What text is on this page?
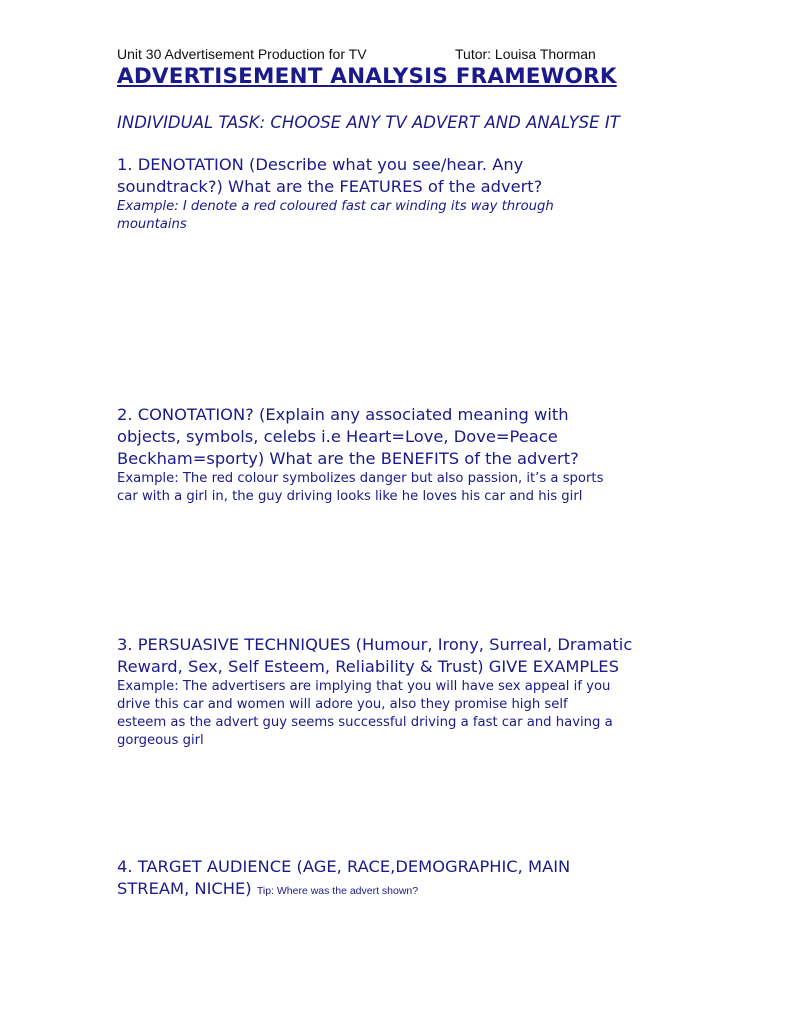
Unit 30 Advertisement Production for TV	Tutor: Louisa Thorman
ADVERTISEMENT ANALYSIS FRAMEWORK

INDIVIDUAL TASK: CHOOSE ANY TV ADVERT AND ANALYSE IT

1. DENOTATION (Describe what you see/hear. Any
soundtrack?) What are the FEATURES of the advert?

Example: I denote a red coloured fast car winding its way through
mountains

2. CONOTATION? (Explain any associated meaning with
objects, symbols, celebs i.e Heart=Love, Dove=Peace
Beckham=sporty) What are the BENEFITS of the advert?

Example: The red colour symbolizes danger but also passion, it’s a sports
car with a girl in, the guy driving looks like he loves his car and his girl

3. PERSUASIVE TECHNIQUES (Humour, Irony, Surreal, Dramatic
Reward, Sex, Self Esteem, Reliability & Trust) GIVE EXAMPLES

Example: The advertisers are implying that you will have sex appeal if you
drive this car and women will adore you, also they promise high self
esteem as the advert guy seems successful driving a fast car and having a
gorgeous girl

4. TARGET AUDIENCE (AGE, RACE,DEMOGRAPHIC, MAIN
STREAM, NICHE) Tip: Where was the advert shown?
